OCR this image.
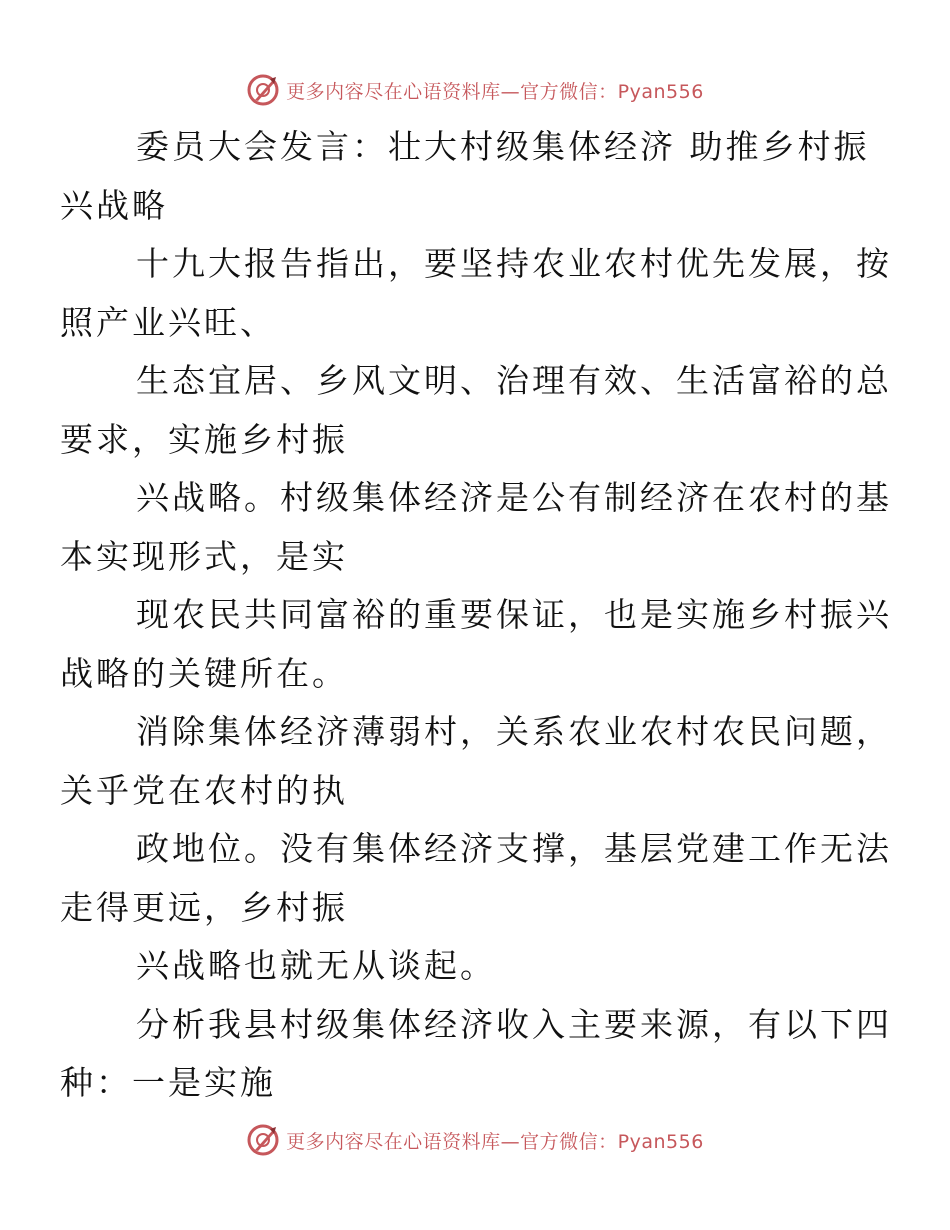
更多内容尽在心语资料库—官方微信：Pyan556

委员大会发言：壮大村级集体经济 助推乡村振
兴战略

十九大报告指出，要坚持农业农村优先发展，按
照产业兴旺、

生态宜居、乡风文明、治理有效、生活富裕的总
要求，实施乡村振

兴战略。村级集体经济是公有制经济在农村的基
本实现形式，是实

现农民共同富裕的重要保证，也是实施乡村振兴
战略的关键所在。

消除集体经济薄弱村，关系农业农村农民问题，
关乎党在农村的执

政地位。没有集体经济支撑，基层党建工作无法
走得更远，乡村振

兴战略也就无从谈起。

分析我县村级集体经济收入主要来源，有以下四
种：一是实施

更多内容尽在心语资料库—官方微信：Pyan556
